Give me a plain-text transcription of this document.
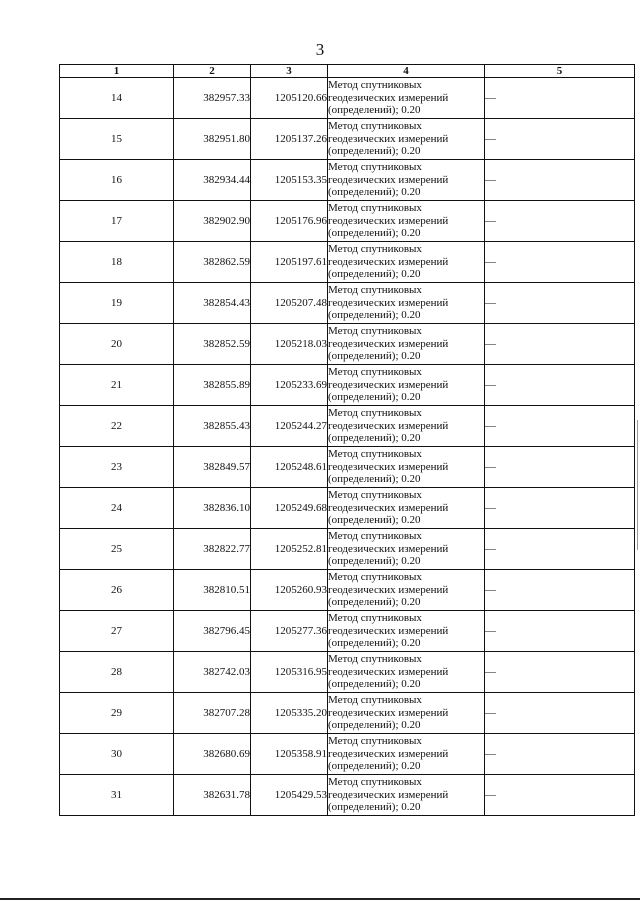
3
1	2	3	4	5
14	382957.33	1205120.66	Метод спутниковых
геодезических измерений
(определений); 0.20	—
15	382951.80	1205137.26	Метод спутниковых
геодезических измерений
(определений); 0.20	—
16	382934.44	1205153.35	Метод спутниковых
геодезических измерений
(определений); 0.20	—
17	382902.90	1205176.96	Метод спутниковых
геодезических измерений
(определений); 0.20	—
18	382862.59	1205197.61	Метод спутниковых
геодезических измерений
(определений); 0.20	—
19	382854.43	1205207.48	Метод спутниковых
геодезических измерений
(определений); 0.20	—
20	382852.59	1205218.03	Метод спутниковых
геодезических измерений
(определений); 0.20	—
21	382855.89	1205233.69	Метод спутниковых
геодезических измерений
(определений); 0.20	—
22	382855.43	1205244.27	Метод спутниковых
геодезических измерений
(определений); 0.20	—
23	382849.57	1205248.61	Метод спутниковых
геодезических измерений
(определений); 0.20	—
24	382836.10	1205249.68	Метод спутниковых
геодезических измерений
(определений); 0.20	—
25	382822.77	1205252.81	Метод спутниковых
геодезических измерений
(определений); 0.20	—
26	382810.51	1205260.93	Метод спутниковых
геодезических измерений
(определений); 0.20	—
27	382796.45	1205277.36	Метод спутниковых
геодезических измерений
(определений); 0.20	—
28	382742.03	1205316.95	Метод спутниковых
геодезических измерений
(определений); 0.20	—
29	382707.28	1205335.20	Метод спутниковых
геодезических измерений
(определений); 0.20	—
30	382680.69	1205358.91	Метод спутниковых
геодезических измерений
(определений); 0.20	—
31	382631.78	1205429.53	Метод спутниковых
геодезических измерений
(определений); 0.20	—
